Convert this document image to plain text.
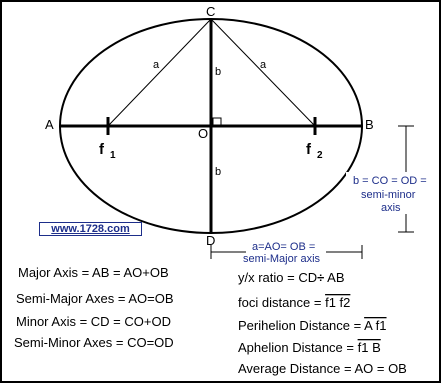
A	B
C
D
O
a	a
b
b
f 1	f 2
b = CO = OD =
semi-minor
axis
a=AO= OB =
semi-Major axis
Major Axis = AB = AO+OB
Semi-Major Axes = AO=OB
Minor Axis = CD = CO+OD
Semi-Minor Axes = CO=OD
y/x ratio = CD÷ AB
foci distance = f1 f2
Perihelion Distance = A f1
Aphelion Distance = f1 B
Average Distance = AO = OB
www.1728.com
